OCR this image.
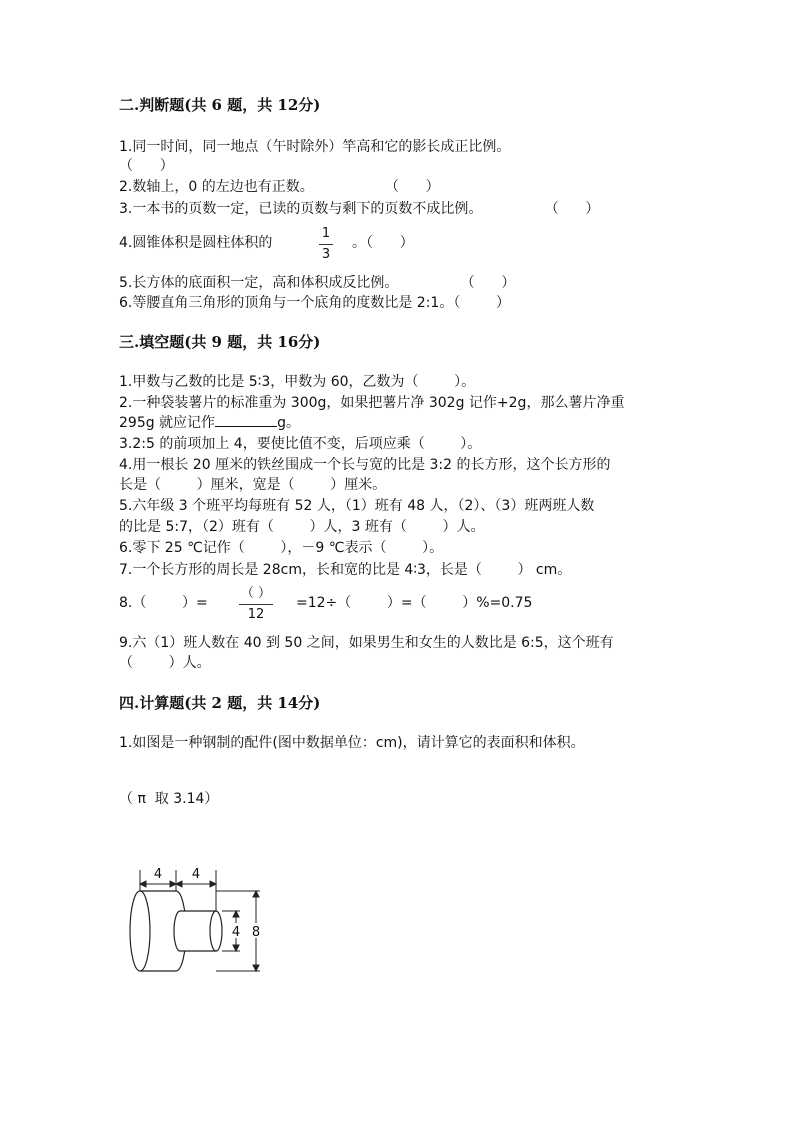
二.判断题(共 6 题，共 12分)
1.同一时间，同一地点（午时除外）竿高和它的影长成正比例。
（      ）
2.数轴上，0 的左边也有正数。                （      ）
3.一本书的页数一定，已读的页数与剩下的页数不成比例。              （      ）
4.圆锥体积是圆柱体积的
1
3
。（      ）
5.长方体的底面积一定，高和体积成反比例。              （      ）
6.等腰直角三角形的顶角与一个底角的度数比是 2:1。（        ）
三.填空题(共 9 题，共 16分)
1.甲数与乙数的比是 5∶3，甲数为 60，乙数为（        ）。
2.一种袋装薯片的标准重为 300g，如果把薯片净 302g 记作+2g，那么薯片净重
295g 就应记作	g。
3.2:5 的前项加上 4，要使比值不变，后项应乘（        ）。
4.用一根长 20 厘米的铁丝围成一个长与宽的比是 3:2 的长方形，这个长方形的
长是（        ）厘米，宽是（        ）厘米。
5.六年级 3 个班平均每班有 52 人，（1）班有 48 人，（2）、（3）班两班人数
的比是 5:7，（2）班有（        ）人，3 班有（        ）人。
6.零下 25 ℃记作（        ），－9 ℃表示（        ）。
7.一个长方形的周长是 28cm，长和宽的比是 4∶3，长是（        ） cm。
8.（        ）=
（ ）
12
=12÷（        ）=（        ）%=0.75
9.六（1）班人数在 40 到 50 之间，如果男生和女生的人数比是 6:5，这个班有
（        ）人。
四.计算题(共 2 题，共 14分)
1.如图是一种钢制的配件(图中数据单位：cm)，请计算它的表面积和体积。
（ π  取 3.14）
4 4
4 8
